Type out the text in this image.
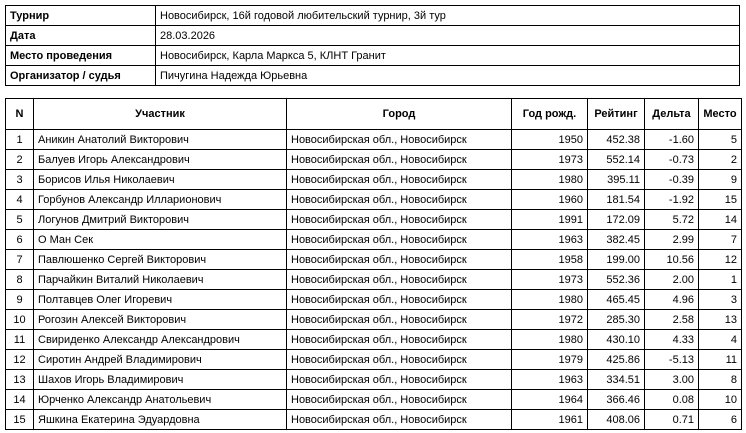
Турнир	Новосибирск, 16й годовой любительский турнир, 3й тур
Дата	28.03.2026
Место проведения	Новосибирск, Карла Маркса 5, КЛНТ Гранит
Организатор / судья	Пичугина Надежда Юрьевна
N	Участник	Город	Год рожд.	Рейтинг	Дельта	Место
1	Аникин Анатолий Викторович	Новосибирская обл., Новосибирск	1950	452.38	-1.60	5
2	Балуев Игорь Александрович	Новосибирская обл., Новосибирск	1973	552.14	-0.73	2
3	Борисов Илья Николаевич	Новосибирская обл., Новосибирск	1980	395.11	-0.39	9
4	Горбунов Александр Илларионович	Новосибирская обл., Новосибирск	1960	181.54	-1.92	15
5	Логунов Дмитрий Викторович	Новосибирская обл., Новосибирск	1991	172.09	5.72	14
6	О Ман Сек	Новосибирская обл., Новосибирск	1963	382.45	2.99	7
7	Павлюшенко Сергей Викторович	Новосибирская обл., Новосибирск	1958	199.00	10.56	12
8	Парчайкин Виталий Николаевич	Новосибирская обл., Новосибирск	1973	552.36	2.00	1
9	Полтавцев Олег Игоревич	Новосибирская обл., Новосибирск	1980	465.45	4.96	3
10	Рогозин Алексей Викторович	Новосибирская обл., Новосибирск	1972	285.30	2.58	13
11	Свириденко Александр Александрович	Новосибирская обл., Новосибирск	1980	430.10	4.33	4
12	Сиротин Андрей Владимирович	Новосибирская обл., Новосибирск	1979	425.86	-5.13	11
13	Шахов Игорь Владимирович	Новосибирская обл., Новосибирск	1963	334.51	3.00	8
14	Юрченко Александр Анатольевич	Новосибирская обл., Новосибирск	1964	366.46	0.08	10
15	Яшкина Екатерина Эдуардовна	Новосибирская обл., Новосибирск	1961	408.06	0.71	6
